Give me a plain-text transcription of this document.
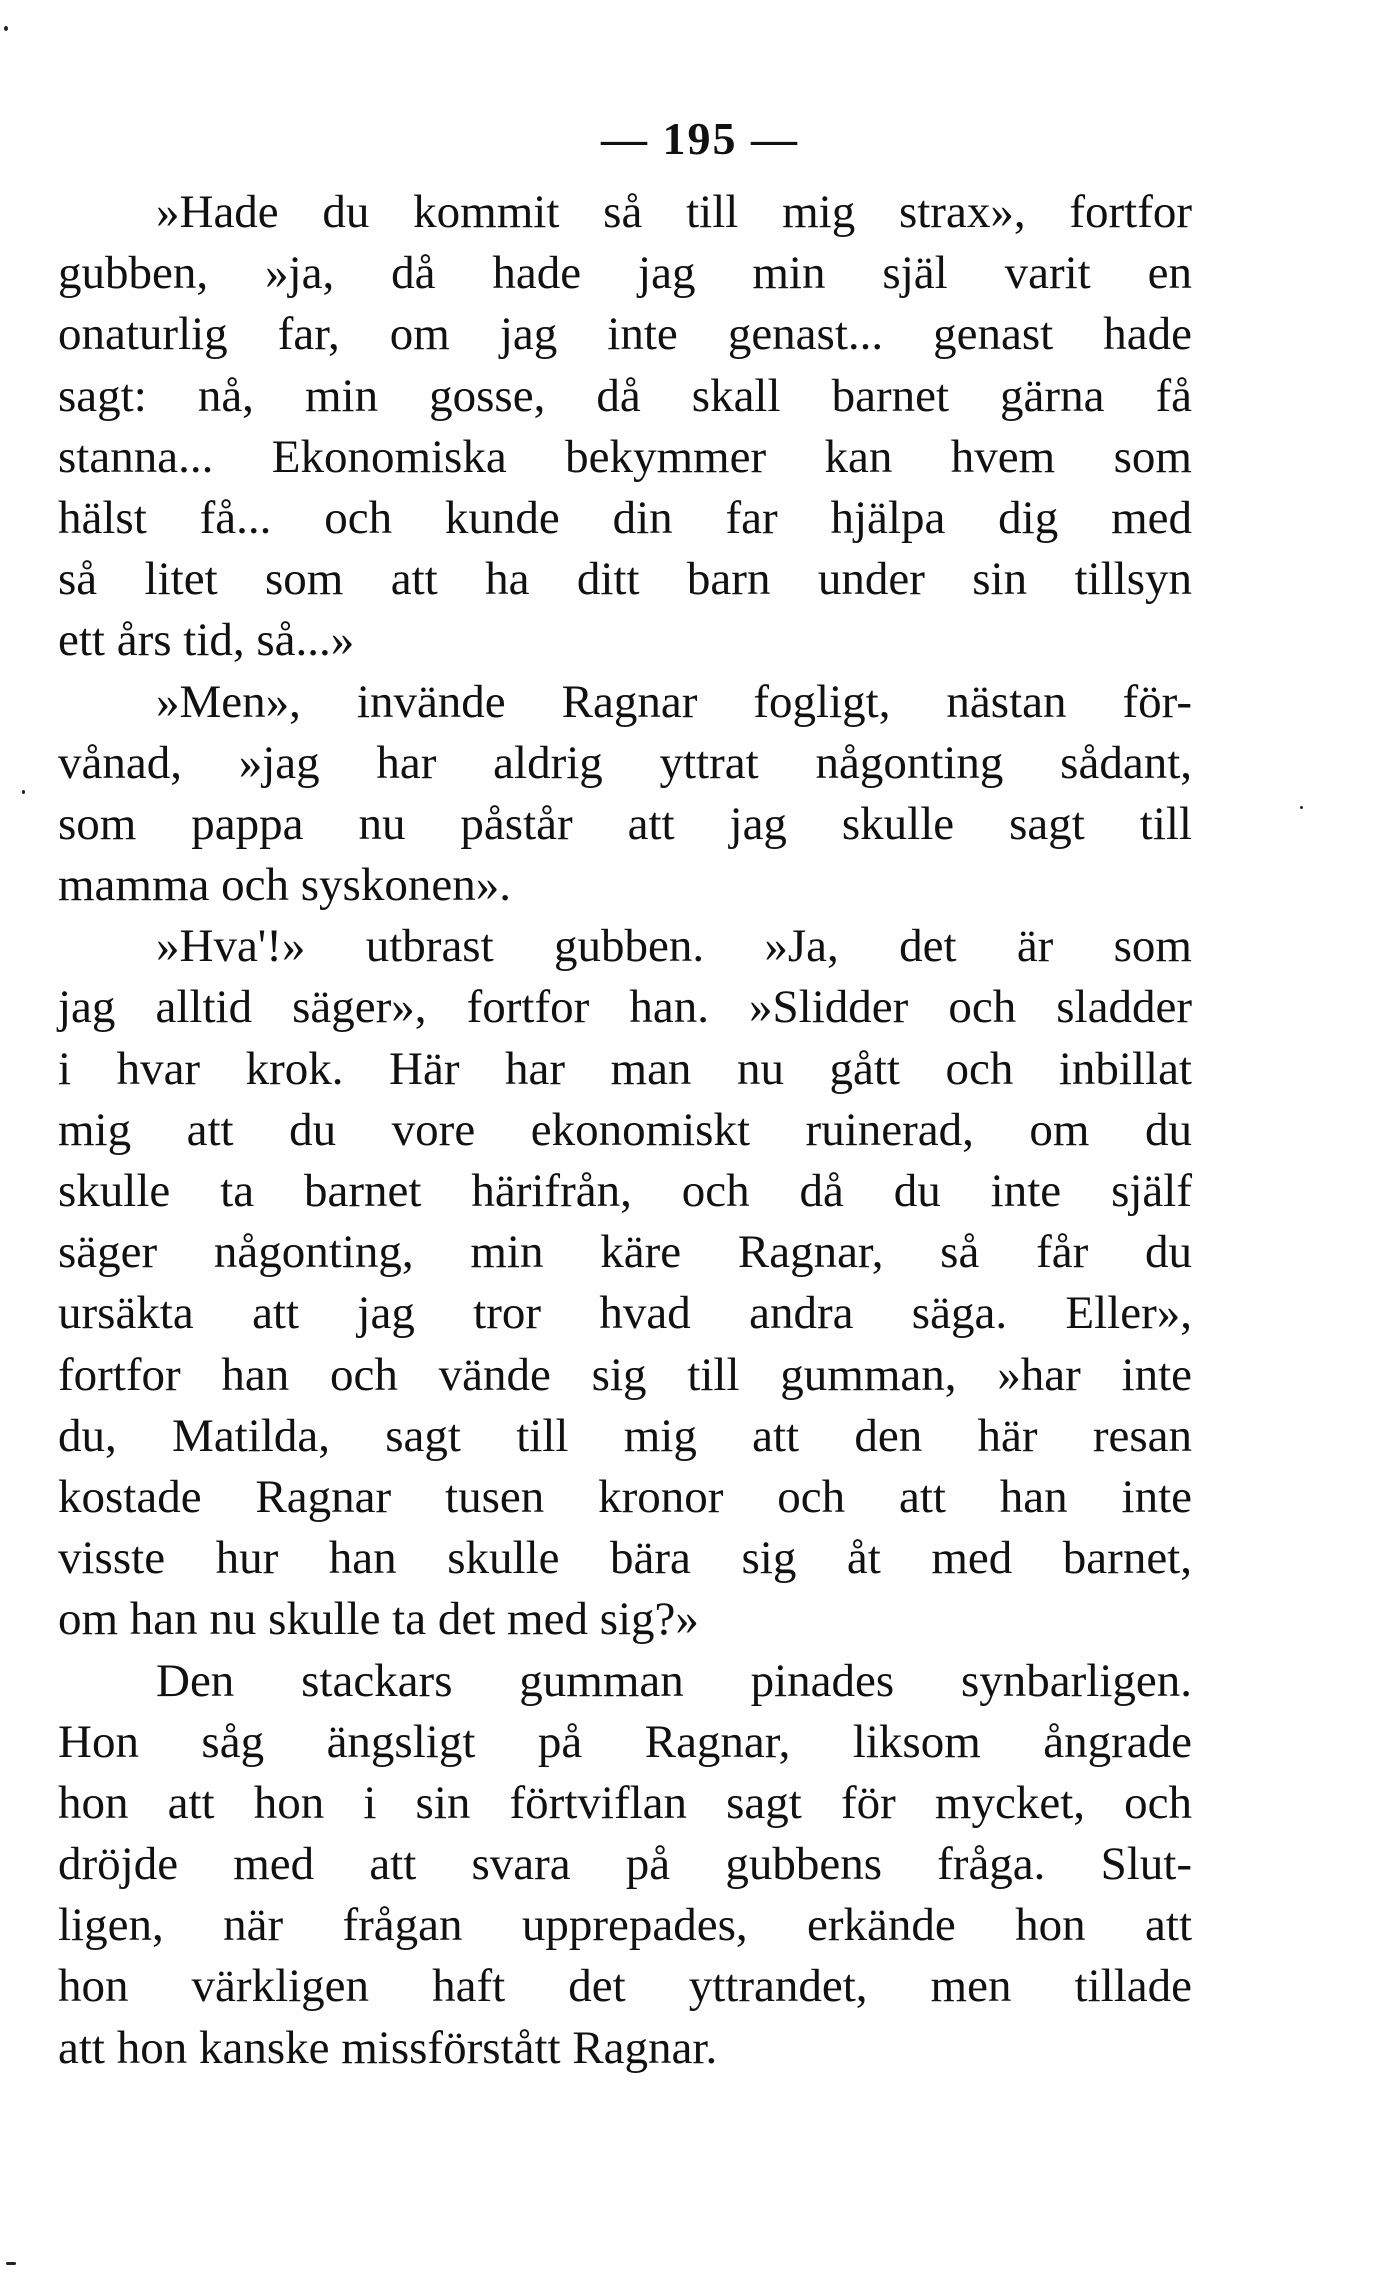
— 195 —
»Hade du kommit så till mig strax», fortfor
gubben, »ja, då hade jag min själ varit en
onaturlig far, om jag inte genast... genast hade
sagt: nå, min gosse, då skall barnet gärna få
stanna... Ekonomiska bekymmer kan hvem som
hälst få... och kunde din far hjälpa dig med
så litet som att ha ditt barn under sin tillsyn
ett års tid, så...»
»Men», invände Ragnar fogligt, nästan för-
vånad, »jag har aldrig yttrat någonting sådant,
som pappa nu påstår att jag skulle sagt till
mamma och syskonen».
»Hva'!» utbrast gubben. »Ja, det är som
jag alltid säger», fortfor han. »Slidder och sladder
i hvar krok. Här har man nu gått och inbillat
mig att du vore ekonomiskt ruinerad, om du
skulle ta barnet härifrån, och då du inte själf
säger någonting, min käre Ragnar, så får du
ursäkta att jag tror hvad andra säga. Eller»,
fortfor han och vände sig till gumman, »har inte
du, Matilda, sagt till mig att den här resan
kostade Ragnar tusen kronor och att han inte
visste hur han skulle bära sig åt med barnet,
om han nu skulle ta det med sig?»
Den stackars gumman pinades synbarligen.
Hon såg ängsligt på Ragnar, liksom ångrade
hon att hon i sin förtviflan sagt för mycket, och
dröjde med att svara på gubbens fråga. Slut-
ligen, när frågan upprepades, erkände hon att
hon värkligen haft det yttrandet, men tillade
att hon kanske missförstått Ragnar.
